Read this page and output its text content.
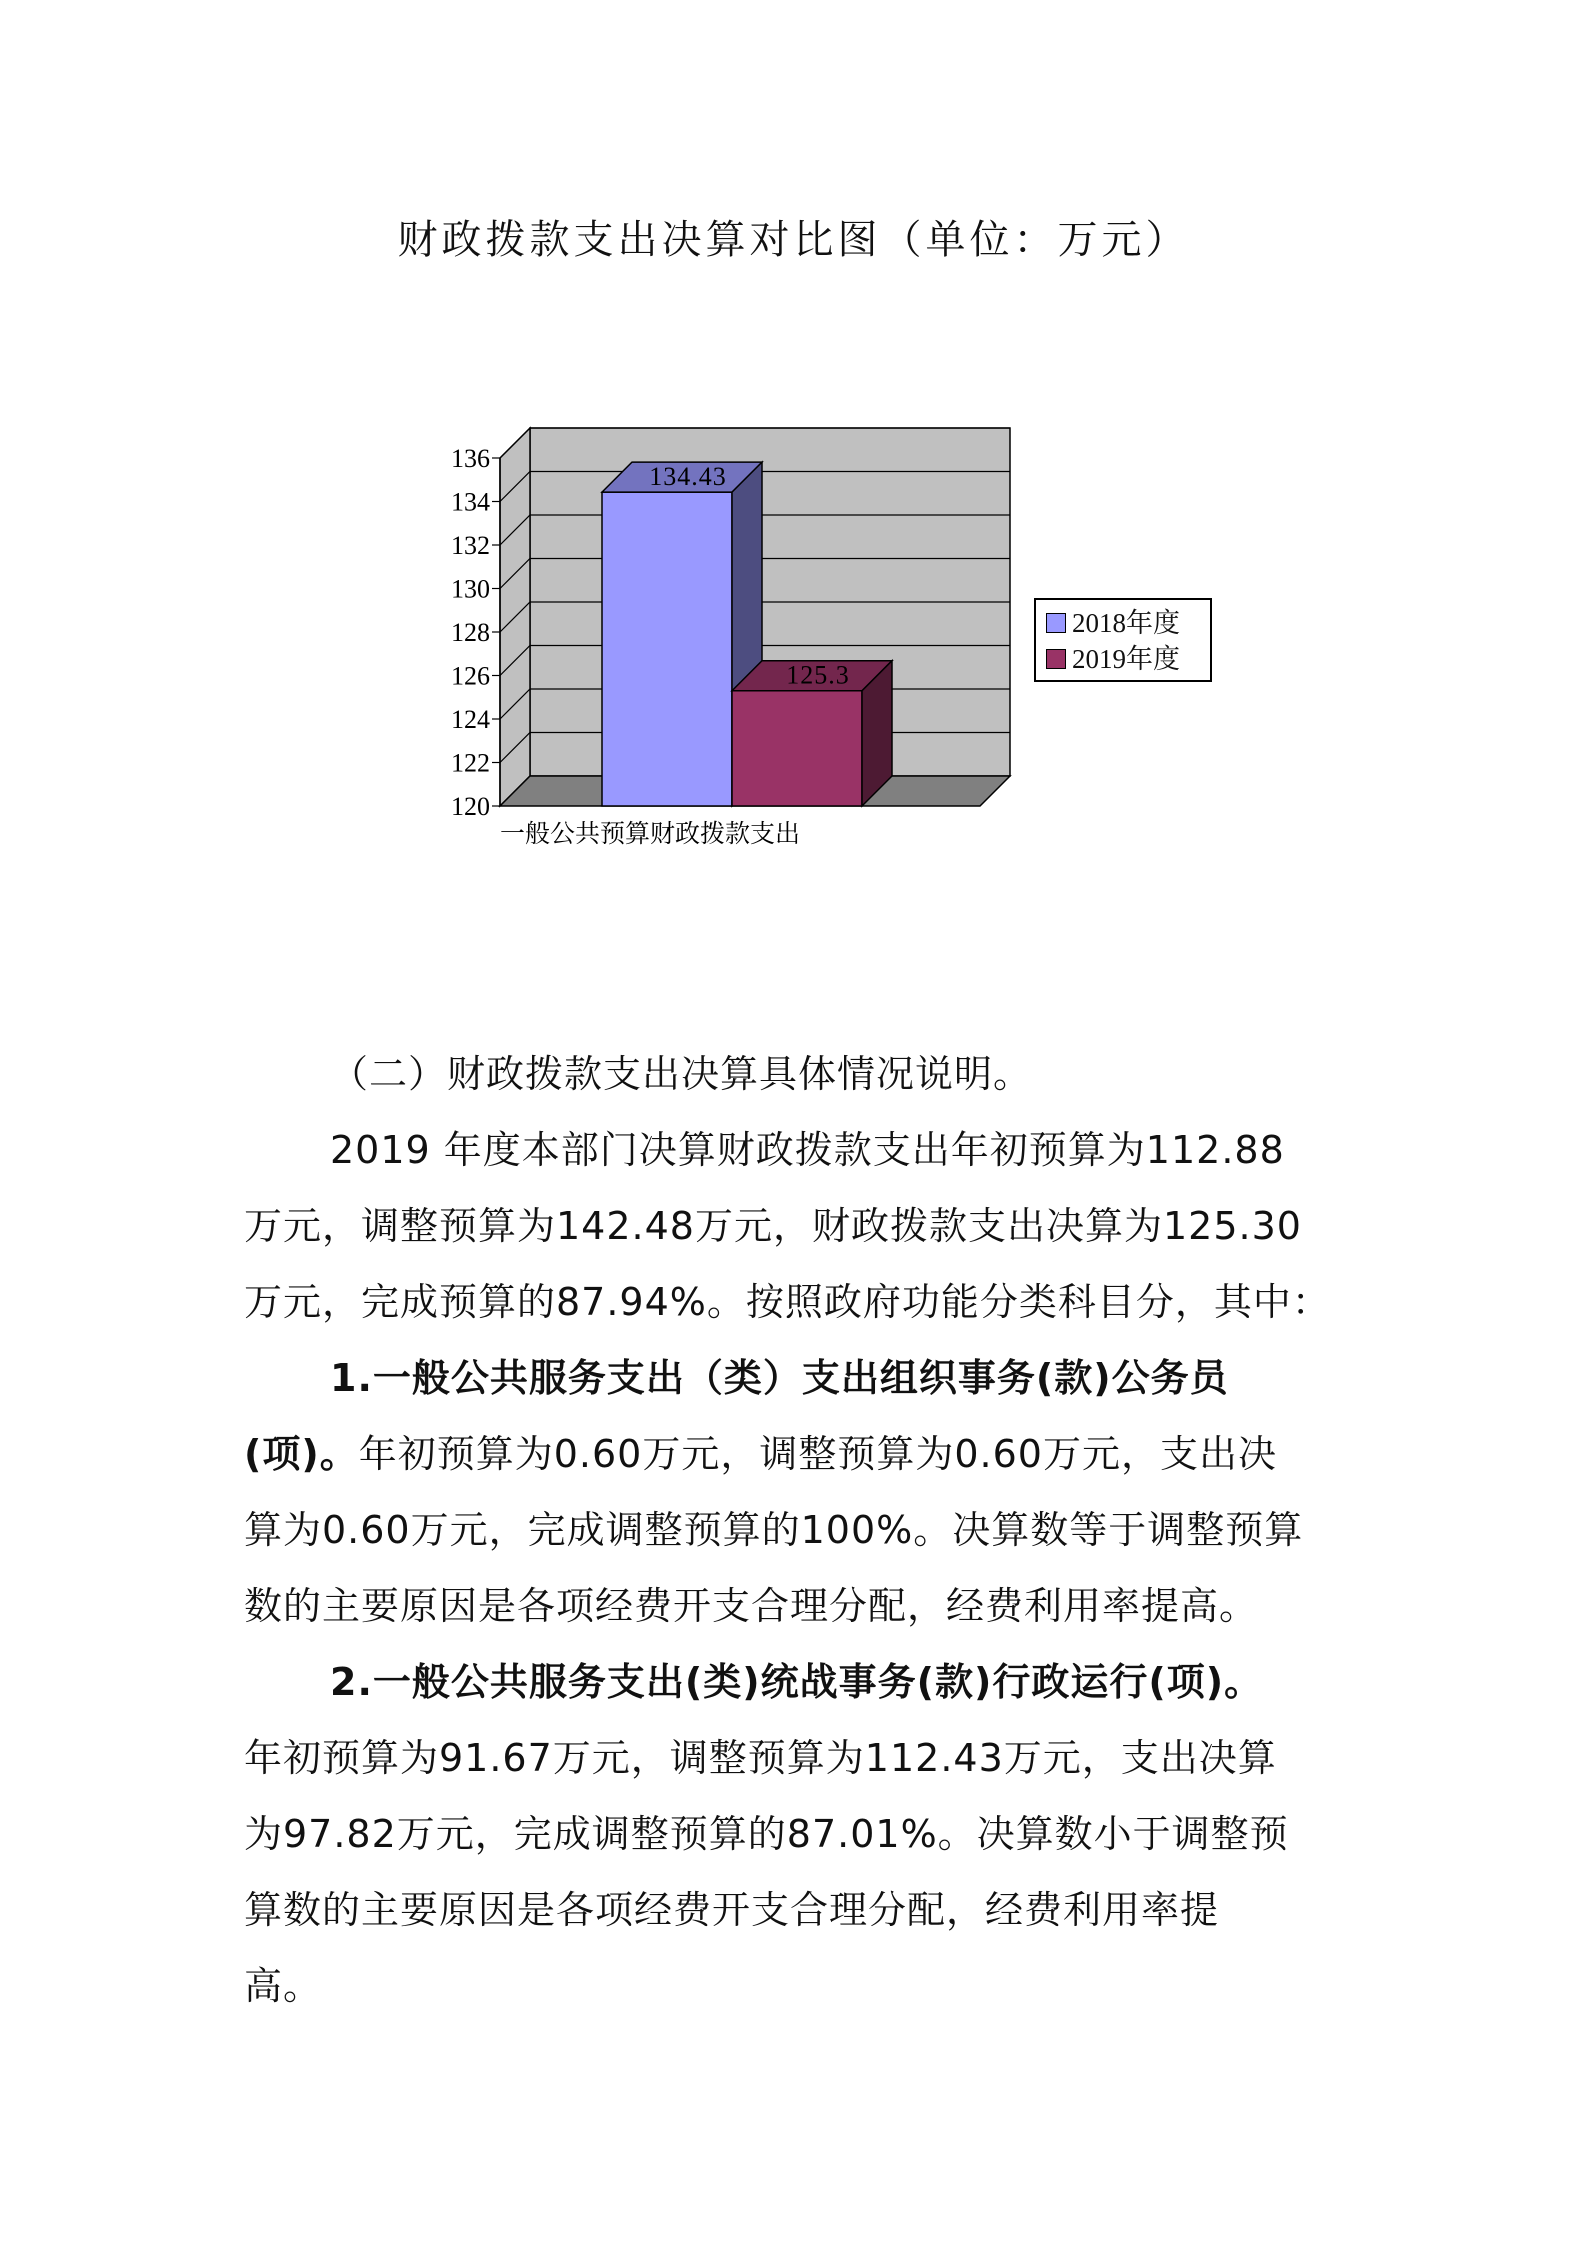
财政拨款支出决算对比图（单位：万元）
136
134
132
130
128
126
124
122
120
134.43
125.3
一般公共预算财政拨款支出
2018年度
2019年度
（二）财政拨款支出决算具体情况说明。
2019 年度本部门决算财政拨款支出年初预算为112.88
万元，调整预算为142.48万元，财政拨款支出决算为125.30
万元，完成预算的87.94%。按照政府功能分类科目分，其中：
1.一般公共服务支出（类）支出组织事务(款)公务员
(项)。年初预算为0.60万元，调整预算为0.60万元，支出决
算为0.60万元，完成调整预算的100%。决算数等于调整预算
数的主要原因是各项经费开支合理分配，经费利用率提高。
2.一般公共服务支出(类)统战事务(款)行政运行(项)。
年初预算为91.67万元，调整预算为112.43万元，支出决算
为97.82万元，完成调整预算的87.01%。决算数小于调整预
算数的主要原因是各项经费开支合理分配，经费利用率提
高。
